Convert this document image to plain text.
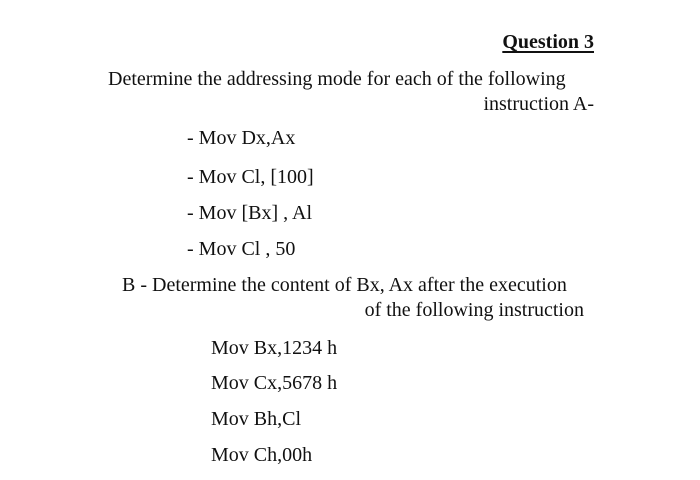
Question 3
Determine the addressing mode for each of the following
instruction A-
- Mov Dx,Ax
- Mov Cl, [100]
- Mov [Bx] , Al
- Mov Cl , 50
B - Determine the content of Bx, Ax after the execution
of the following instruction
Mov Bx,1234 h
Mov Cx,5678 h
Mov Bh,Cl
Mov Ch,00h
